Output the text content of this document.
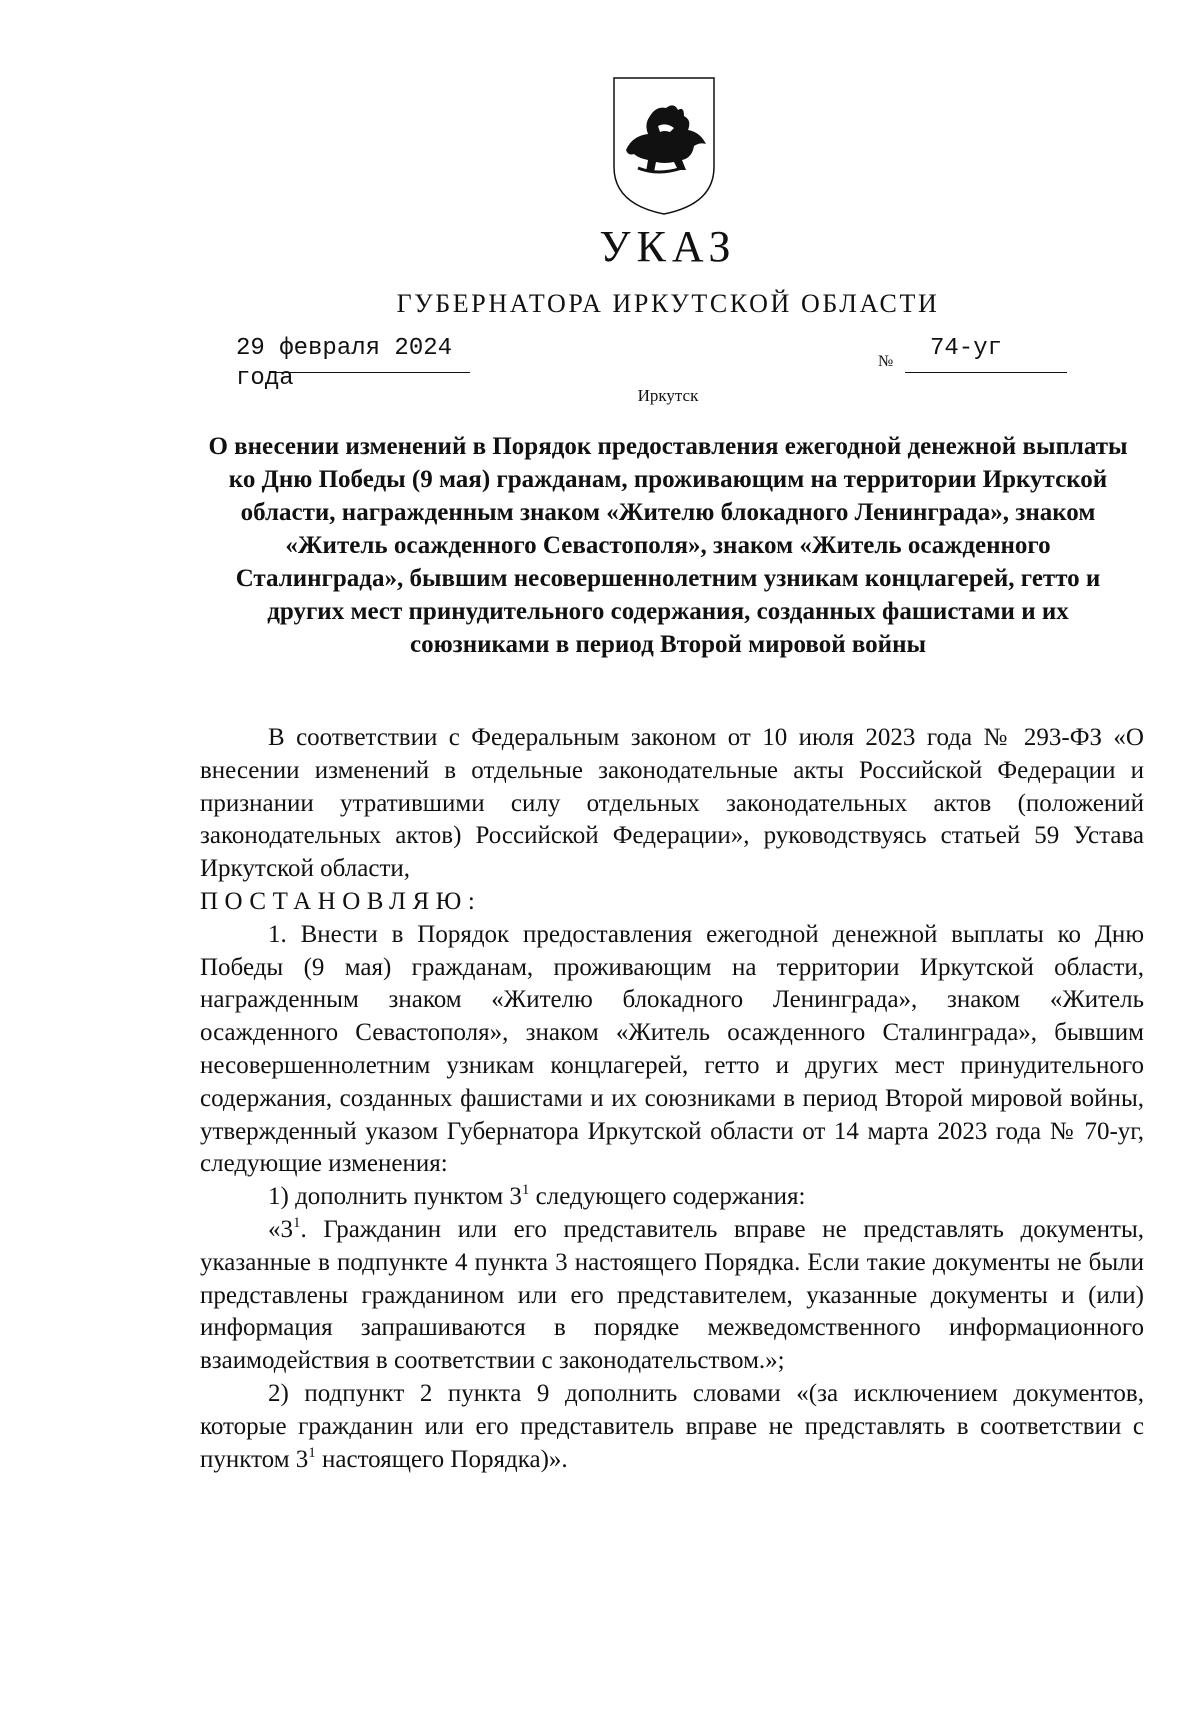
УКАЗ
ГУБЕРНАТОРА ИРКУТСКОЙ ОБЛАСТИ
29 февраля 2024 года
№ 74-уг
Иркутск
О внесении изменений в Порядок предоставления ежегодной денежной выплаты ко Дню Победы (9 мая) гражданам, проживающим на территории Иркутской области, награжденным знаком «Жителю блокадного Ленинграда», знаком «Житель осажденного Севастополя», знаком «Житель осажденного Сталинграда», бывшим несовершеннолетним узникам концлагерей, гетто и других мест принудительного содержания, созданных фашистами и их союзниками в период Второй мировой войны

В соответствии с Федеральным законом от 10 июля 2023 года № 293-ФЗ «О внесении изменений в отдельные законодательные акты Российской Федерации и признании утратившими силу отдельных законодательных актов (положений законодательных актов) Российской Федерации», руководствуясь статьей 59 Устава Иркутской области,

ПОСТАНОВЛЯЮ:

1. Внести в Порядок предоставления ежегодной денежной выплаты ко Дню Победы (9 мая) гражданам, проживающим на территории Иркутской области, награжденным знаком «Жителю блокадного Ленинграда», знаком «Житель осажденного Севастополя», знаком «Житель осажденного Сталинграда», бывшим несовершеннолетним узникам концлагерей, гетто и других мест принудительного содержания, созданных фашистами и их союзниками в период Второй мировой войны, утвержденный указом Губернатора Иркутской области от 14 марта 2023 года № 70-уг, следующие изменения:

1) дополнить пунктом $3^1$ следующего содержания:

«$3^1$. Гражданин или его представитель вправе не представлять документы, указанные в подпункте 4 пункта 3 настоящего Порядка. Если такие документы не были представлены гражданином или его представителем, указанные документы и (или) информация запрашиваются в порядке межведомственного информационного взаимодействия в соответствии с законодательством.»;

2) подпункт 2 пункта 9 дополнить словами «(за исключением документов, которые гражданин или его представитель вправе не представлять в соответствии с пунктом $3^1$ настоящего Порядка)».
